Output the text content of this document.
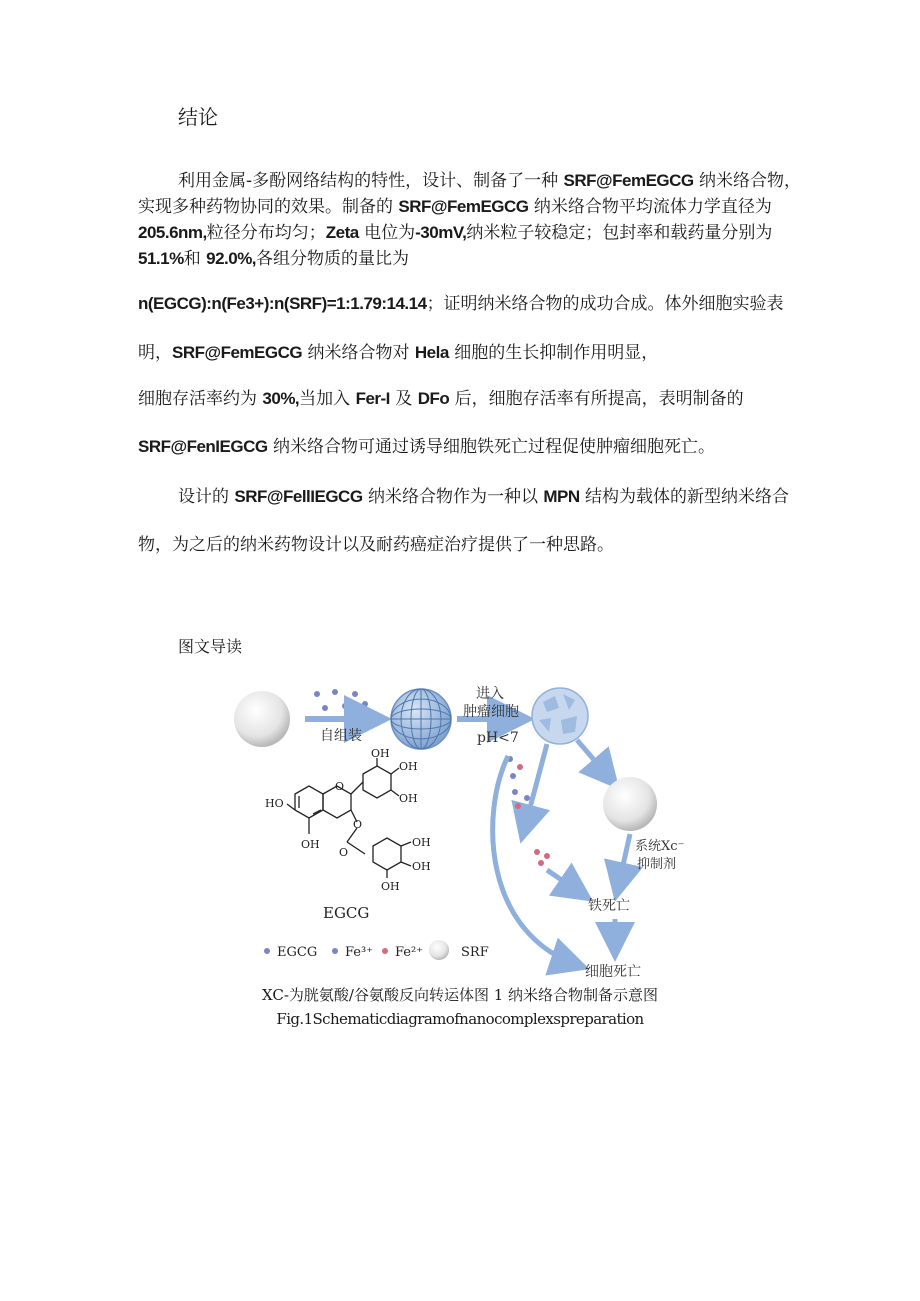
结论
利用金属-多酚网络结构的特性，设计、制备了一种 SRF@FemEGCG 纳米络合物，
实现多种药物协同的效果。制备的 SRF@FemEGCG 纳米络合物平均流体力学直径为
205.6nm,粒径分布均匀；Zeta 电位为-30mV,纳米粒子较稳定；包封率和载药量分别为
51.1%和 92.0%,各组分物质的量比为
n(EGCG):n(Fe3+):n(SRF)=1:1.79:14.14；证明纳米络合物的成功合成。体外细胞实验表
明，SRF@FemEGCG 纳米络合物对 Hela 细胞的生长抑制作用明显，
细胞存活率约为 30%,当加入 Fer-I 及 DFo 后，细胞存活率有所提高，表明制备的
SRF@FenIEGCG 纳米络合物可通过诱导细胞铁死亡过程促使肿瘤细胞死亡。
设计的 SRF@FellIEGCG 纳米络合物作为一种以 MPN 结构为载体的新型纳米络合
物，为之后的纳米药物设计以及耐药癌症治疗提供了一种思路。
图文导读
自组装
进入
肿瘤细胞
pH<7
系统Xc⁻
抑制剂
铁死亡
细胞死亡
OH
OH
OH
HO
OH
O
O
O
OH
OH
OH
EGCG
EGCG Fe³⁺ Fe²⁺	SRF
XC-为胱氨酸/谷氨酸反向转运体图 1 纳米络合物制备示意图
Fig.1Schematicdiagramofnanocomplexspreparation
